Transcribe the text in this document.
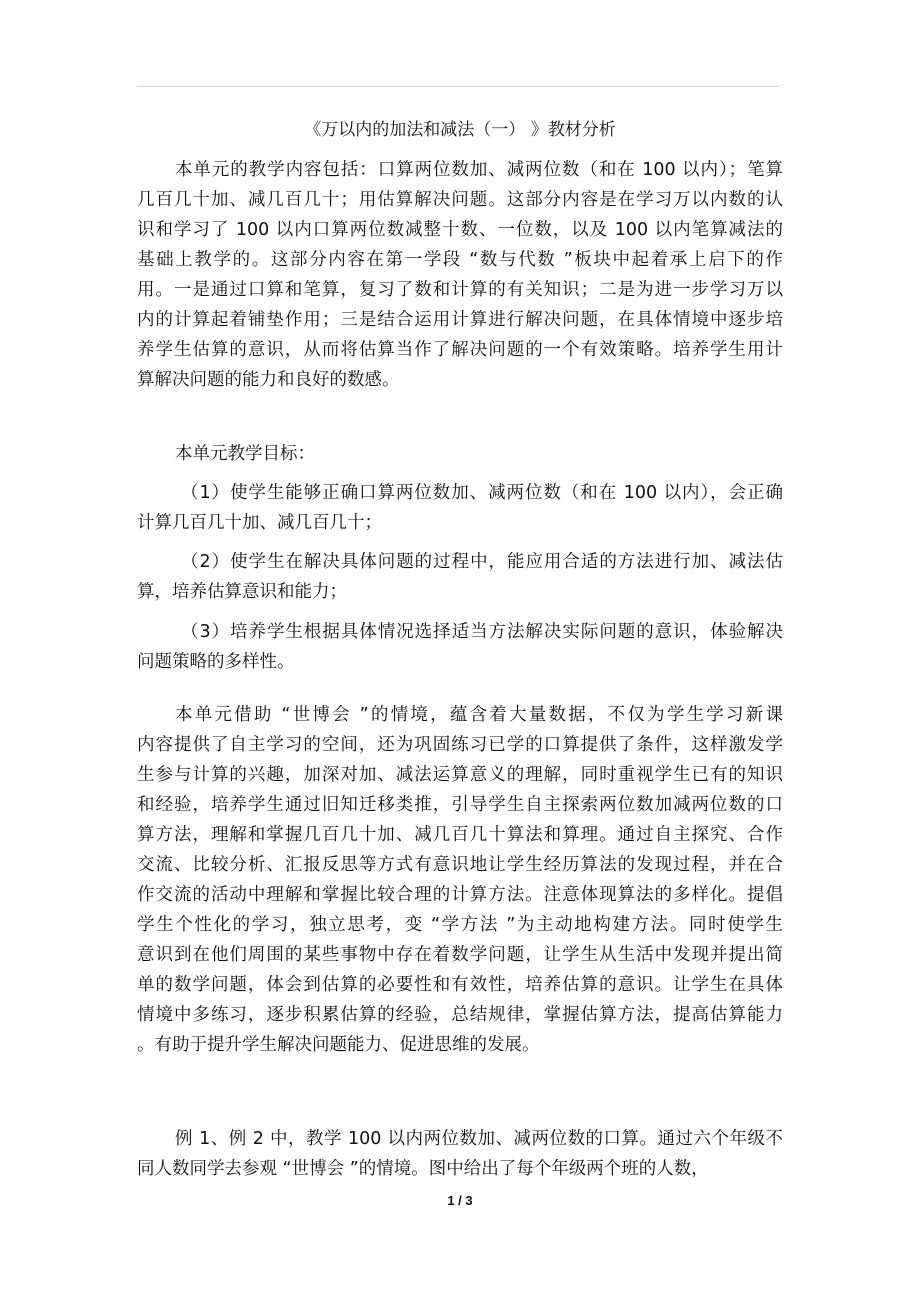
《万以内的加法和减法（一） 》教材分析
本单元的教学内容包括：口算两位数加、减两位数（和在 100 以内）；笔算
几百几十加、减几百几十；用估算解决问题。这部分内容是在学习万以内数的认
识和学习了 100 以内口算两位数减整十数、一位数，以及 100 以内笔算减法的
基础上教学的。这部分内容在第一学段 “数与代数 ”板块中起着承上启下的作
用。一是通过口算和笔算，复习了数和计算的有关知识；二是为进一步学习万以
内的计算起着铺垫作用；三是结合运用计算进行解决问题，在具体情境中逐步培
养学生估算的意识，从而将估算当作了解决问题的一个有效策略。培养学生用计
算解决问题的能力和良好的数感。
本单元教学目标：
（1）使学生能够正确口算两位数加、减两位数（和在 100 以内），会正确
计算几百几十加、减几百几十；
（2）使学生在解决具体问题的过程中，能应用合适的方法进行加、减法估
算，培养估算意识和能力；
（3）培养学生根据具体情况选择适当方法解决实际问题的意识，体验解决
问题策略的多样性。
本单元借助 “世博会 ”的情境，蕴含着大量数据，不仅为学生学习新课
内容提供了自主学习的空间，还为巩固练习已学的口算提供了条件，这样激发学
生参与计算的兴趣，加深对加、减法运算意义的理解，同时重视学生已有的知识
和经验，培养学生通过旧知迁移类推，引导学生自主探索两位数加减两位数的口
算方法，理解和掌握几百几十加、减几百几十算法和算理。通过自主探究、合作
交流、比较分析、汇报反思等方式有意识地让学生经历算法的发现过程，并在合
作交流的活动中理解和掌握比较合理的计算方法。注意体现算法的多样化。提倡
学生个性化的学习，独立思考，变 “学方法 ”为主动地构建方法。同时使学生
意识到在他们周围的某些事物中存在着数学问题，让学生从生活中发现并提出简
单的数学问题，体会到估算的必要性和有效性，培养估算的意识。让学生在具体
情境中多练习，逐步积累估算的经验，总结规律，掌握估算方法，提高估算能力
。有助于提升学生解决问题能力、促进思维的发展。
例 1、例 2 中，教学 100 以内两位数加、减两位数的口算。通过六个年级不
同人数同学去参观 “世博会 ”的情境。图中给出了每个年级两个班的人数，
1 / 3
